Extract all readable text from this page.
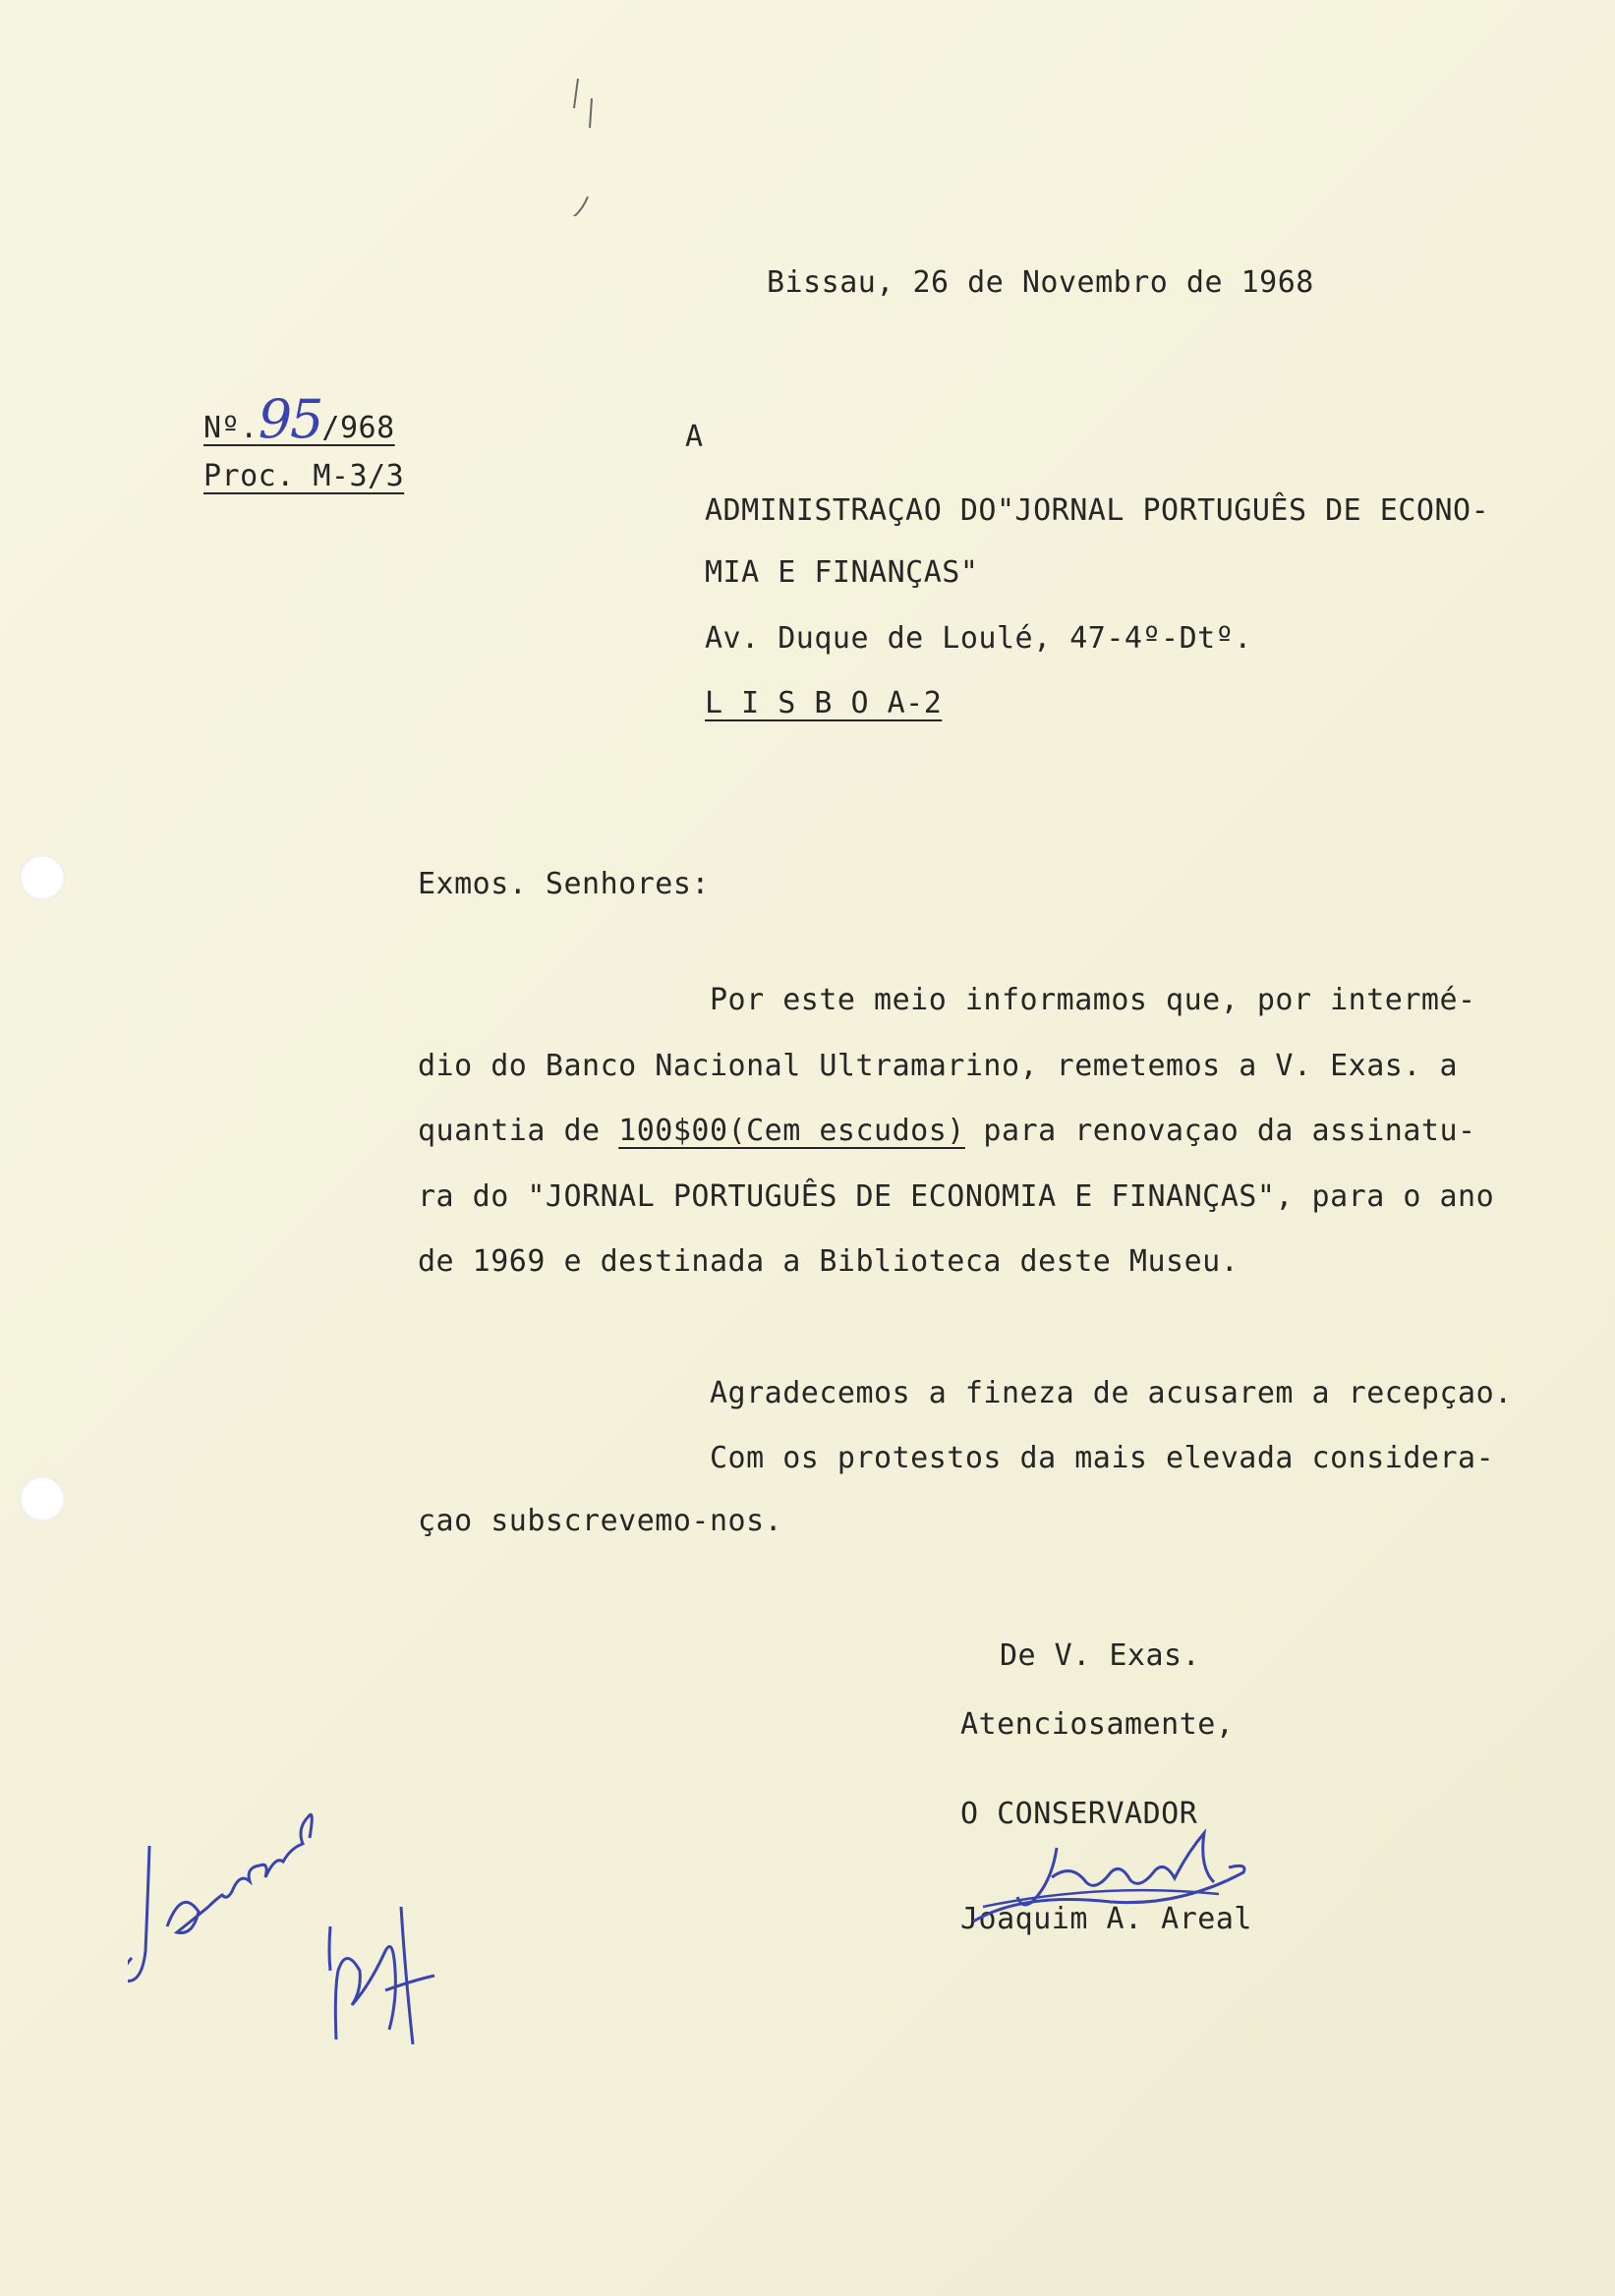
Bissau, 26 de Novembro de 1968
Nº.95/968
Proc. M-3/3
A
ADMINISTRAÇAO DO"JORNAL PORTUGUÊS DE ECONO-
MIA E FINANÇAS"
Av. Duque de Loulé, 47-4º-Dtº.
L I S B O A-2
Exmos. Senhores:
Por este meio informamos que, por intermé-
dio do Banco Nacional Ultramarino, remetemos a V. Exas. a
quantia de 100$00(Cem escudos) para renovaçao da assinatu-
ra do "JORNAL PORTUGUÊS DE ECONOMIA E FINANÇAS", para o ano
de 1969 e destinada a Biblioteca deste Museu.
Agradecemos a fineza de acusarem a recepçao.
Com os protestos da mais elevada considera-
çao subscrevemo-nos.
De V. Exas.
Atenciosamente,
O CONSERVADOR
Joaquim A. Areal
